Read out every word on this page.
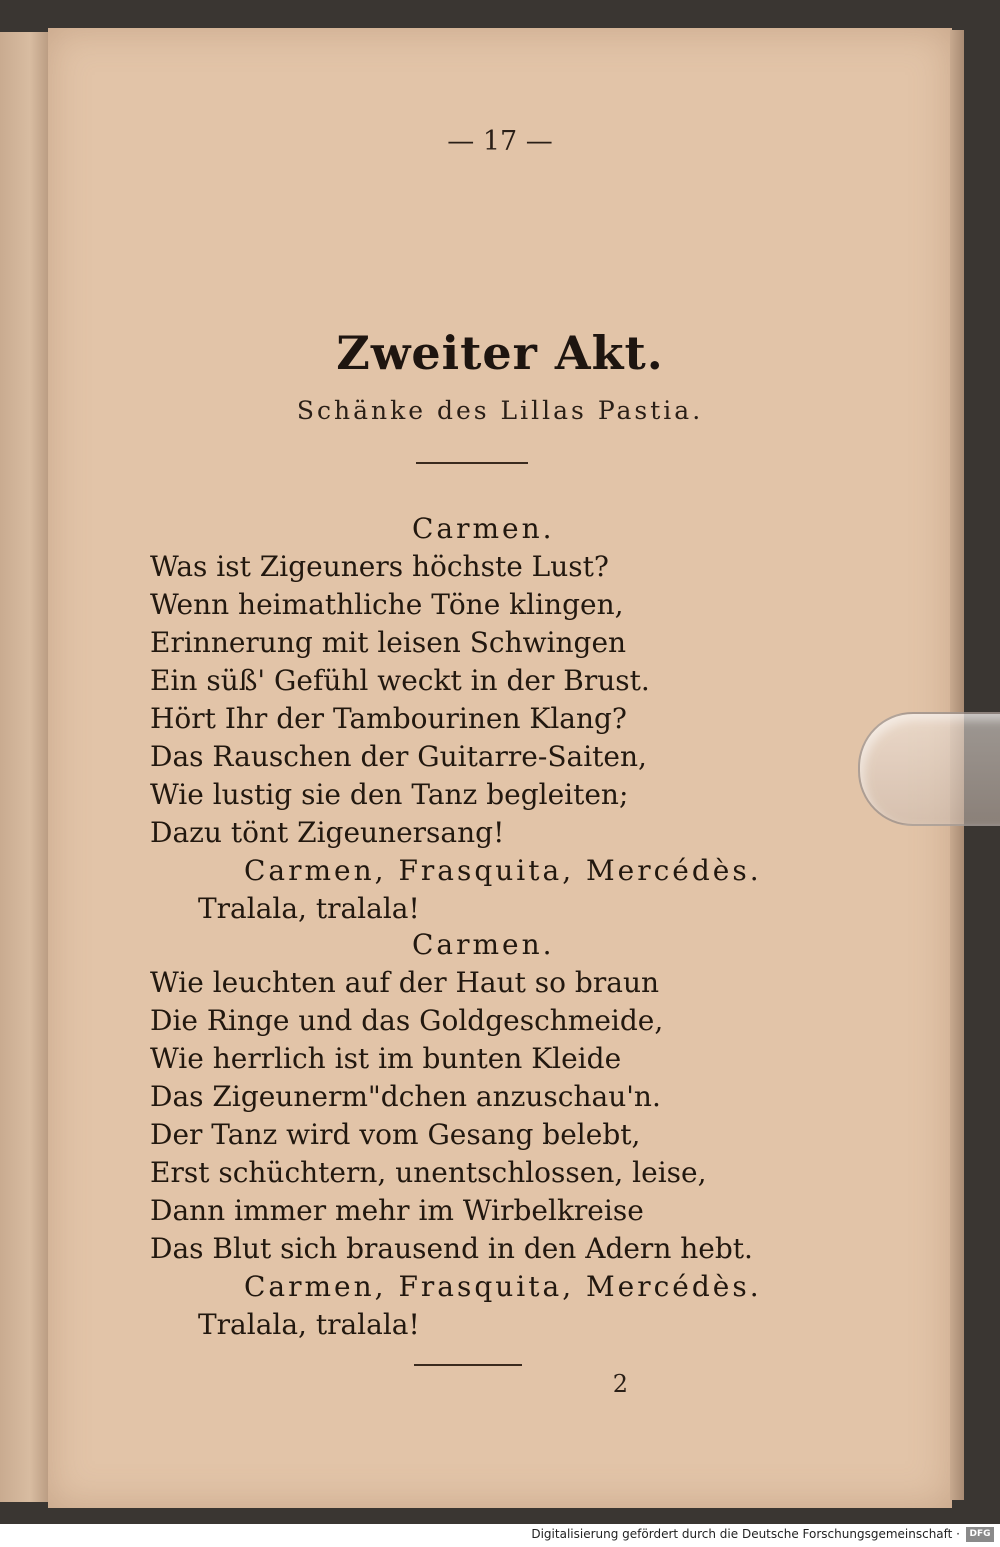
— 17 —
Zweiter Akt.
Schänke des Lillas Pastia.
Carmen.
Was ist Zigeuners höchste Lust?
Wenn heimathliche Töne klingen,
Erinnerung mit leisen Schwingen
Ein süß' Gefühl weckt in der Brust.
Hört Ihr der Tambourinen Klang?
Das Rauschen der Guitarre-Saiten,
Wie lustig sie den Tanz begleiten;
Dazu tönt Zigeunersang!
Carmen, Frasquita, Mercédès.
Tralala, tralala!
Carmen.
Wie leuchten auf der Haut so braun
Die Ringe und das Goldgeschmeide,
Wie herrlich ist im bunten Kleide
Das Zigeunerm"dchen anzuschau'n.
Der Tanz wird vom Gesang belebt,
Erst schüchtern, unentschlossen, leise,
Dann immer mehr im Wirbelkreise
Das Blut sich brausend in den Adern hebt.
Carmen, Frasquita, Mercédès.
Tralala, tralala!
2
Digitalisierung gefördert durch die Deutsche Forschungsgemeinschaft ·	DFG
